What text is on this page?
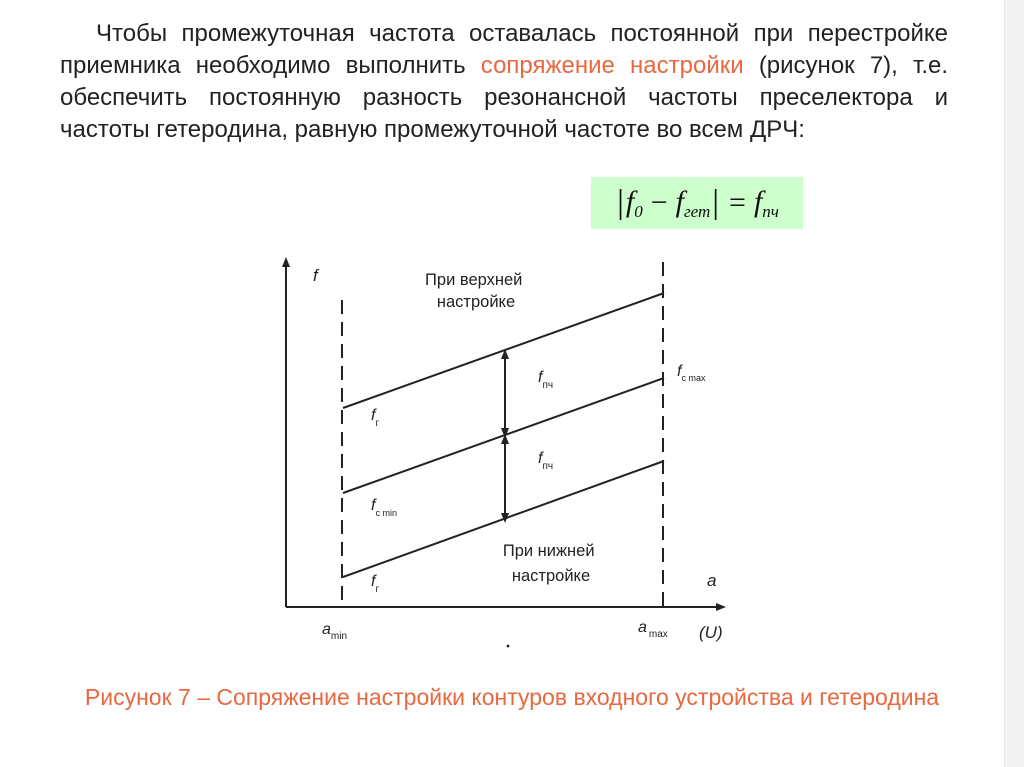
Чтобы промежуточная частота оставалась постоянной при перестройке приемника необходимо выполнить сопряжение настройки (рисунок 7), т.е. обеспечить постоянную разность резонансной частоты преселектора и частоты гетеродина, равную промежуточной частоте во всем ДРЧ:

| $f_0 - f_{гет}$ | = $f_{пч}$
f
a
(U)
$a_{min}$
a $_{max}$
При верхней настройке
При нижней настройке
$f_г$
$f_{c min}$
$f_г$
$f_{c max}$
$f_{пч}$
$f_{пч}$
Рисунок 7 – Сопряжение настройки контуров входного устройства и гетеродина
